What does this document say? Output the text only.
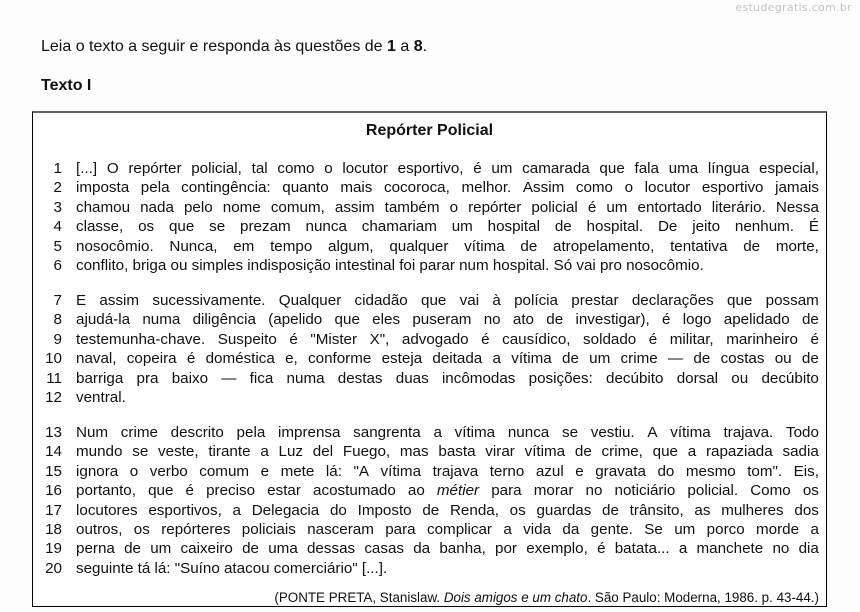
estudegratis.com.br
Leia o texto a seguir e responda às questões de 1 a 8.
Texto I
Repórter Policial
1 [...] O repórter policial, tal como o locutor esportivo, é um camarada que fala uma língua especial,
2 imposta pela contingência: quanto mais cocoroca, melhor. Assim como o locutor esportivo jamais
3 chamou nada pelo nome comum, assim também o repórter policial é um entortado literário. Nessa
4 classe, os que se prezam nunca chamariam um hospital de hospital. De jeito nenhum. É
5 nosocômio. Nunca, em tempo algum, qualquer vítima de atropelamento, tentativa de morte,
6 conflito, briga ou simples indisposição intestinal foi parar num hospital. Só vai pro nosocômio.
7 E assim sucessivamente. Qualquer cidadão que vai à polícia prestar declarações que possam
8 ajudá-la numa diligência (apelido que eles puseram no ato de investigar), é logo apelidado de
9 testemunha-chave. Suspeito é "Mister X", advogado é causídico, soldado é militar, marinheiro é
10 naval, copeira é doméstica e, conforme esteja deitada a vítima de um crime — de costas ou de
11 barriga pra baixo — fica numa destas duas incômodas posições: decúbito dorsal ou decúbito
12 ventral.
13 Num crime descrito pela imprensa sangrenta a vítima nunca se vestiu. A vítima trajava. Todo
14 mundo se veste, tirante a Luz del Fuego, mas basta virar vítima de crime, que a rapaziada sadia
15 ignora o verbo comum e mete lá: "A vítima trajava terno azul e gravata do mesmo tom". Eis,
16 portanto, que é preciso estar acostumado ao métier para morar no noticiário policial. Como os
17 locutores esportivos, a Delegacia do Imposto de Renda, os guardas de trânsito, as mulheres dos
18 outros, os repórteres policiais nasceram para complicar a vida da gente. Se um porco morde a
19 perna de um caixeiro de uma dessas casas da banha, por exemplo, é batata... a manchete no dia
20 seguinte tá lá: "Suíno atacou comerciário" [...].
(PONTE PRETA, Stanislaw. Dois amigos e um chato. São Paulo: Moderna, 1986. p. 43-44.)
